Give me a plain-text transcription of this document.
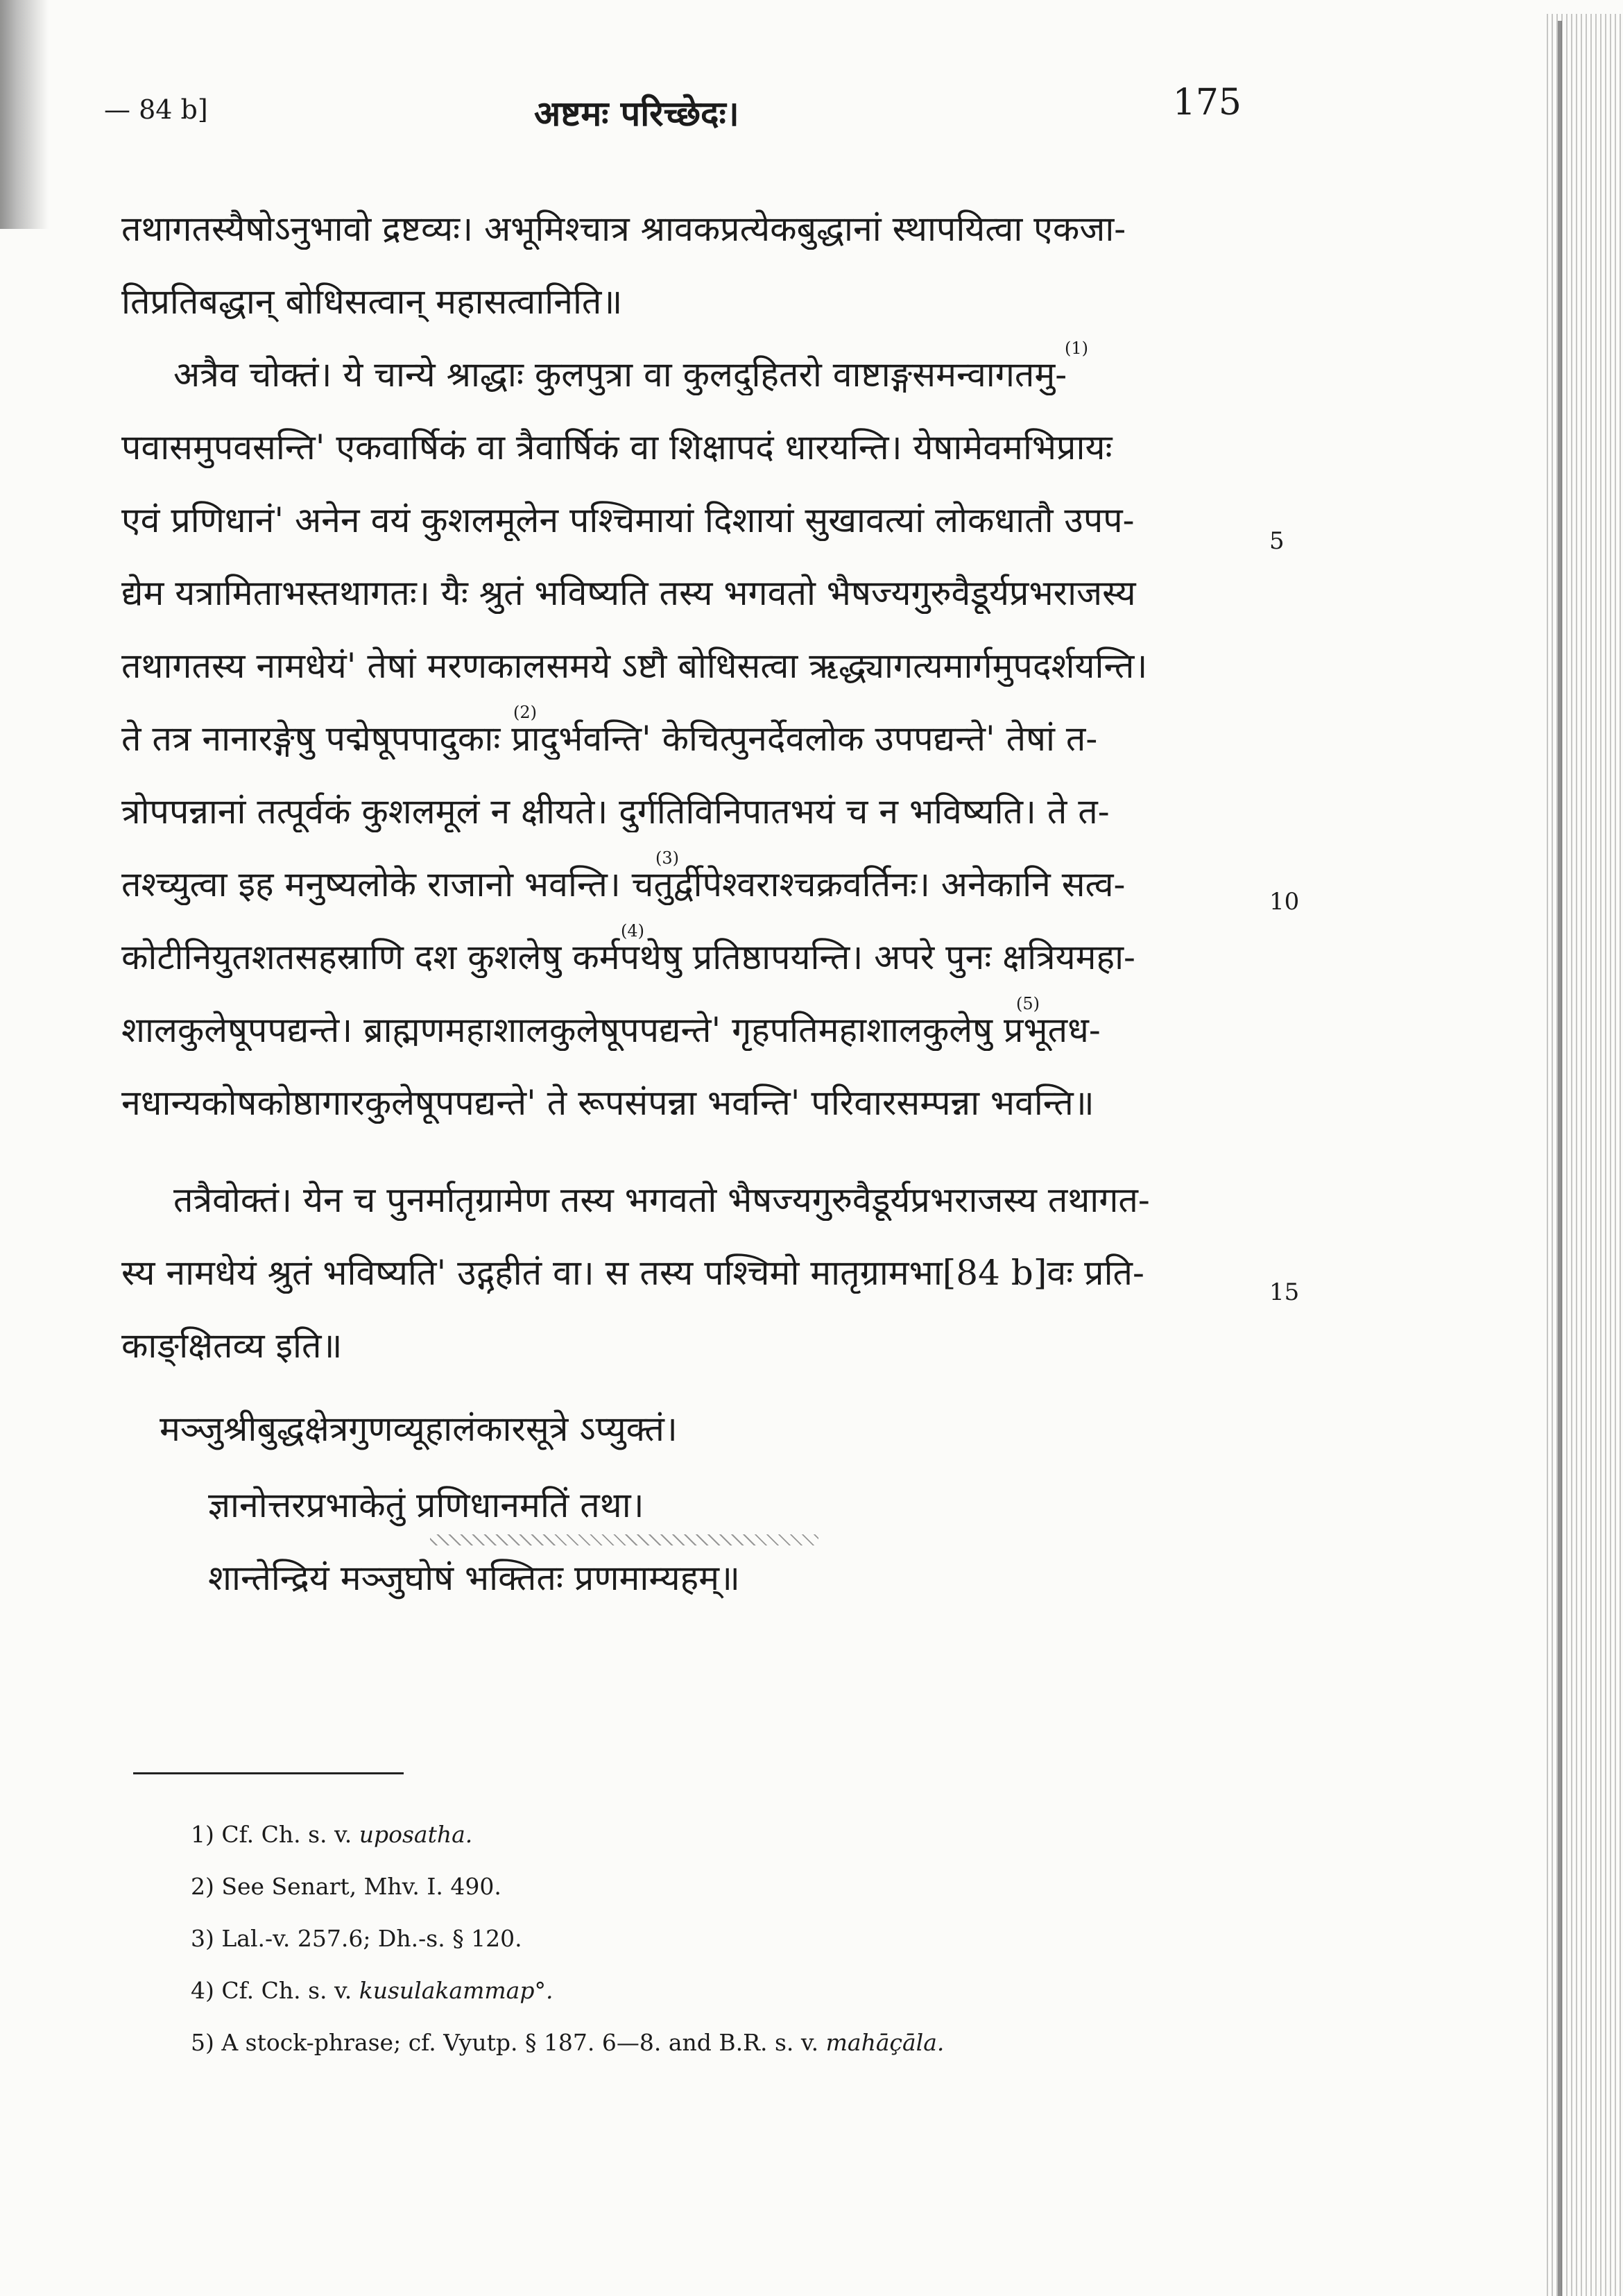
— 84 b]	अष्टमः परिच्छेदः।	175
तथागतस्यैषोऽनुभावो द्रष्टव्यः। अभूमिश्चात्र श्रावकप्रत्येकबुद्धानां स्थापयित्वा एकजा-
तिप्रतिबद्धान् बोधिसत्वान् महासत्वानिति॥
अत्रैव चोक्तं। ये चान्ये श्राद्धाः कुलपुत्रा वा कुलदुहितरो वाष्टाङ्गसमन्वागतमु-
(1)
पवासमुपवसन्ति' एकवार्षिकं वा त्रैवार्षिकं वा शिक्षापदं धारयन्ति। येषामेवमभिप्रायः
एवं प्रणिधानं' अनेन वयं कुशलमूलेन पश्चिमायां दिशायां सुखावत्यां लोकधातौ उपप-
5
द्येम यत्रामिताभस्तथागतः। यैः श्रुतं भविष्यति तस्य भगवतो भैषज्यगुरुवैडूर्यप्रभराजस्य
तथागतस्य नामधेयं' तेषां मरणकालसमये ऽष्टौ बोधिसत्वा ऋद्ध्यागत्यमार्गमुपदर्शयन्ति।
ते तत्र नानारङ्गेषु पद्मेषूपपादुकाः प्रादुर्भवन्ति' केचित्पुनर्देवलोक उपपद्यन्ते' तेषां त-
(2)
त्रोपपन्नानां तत्पूर्वकं कुशलमूलं न क्षीयते। दुर्गतिविनिपातभयं च न भविष्यति। ते त-
तश्च्युत्वा इह मनुष्यलोके राजानो भवन्ति। चतुर्द्वीपेश्वराश्चक्रवर्तिनः। अनेकानि सत्व-
(3)
10
कोटीनियुतशतसहस्राणि दश कुशलेषु कर्मपथेषु प्रतिष्ठापयन्ति। अपरे पुनः क्षत्रियमहा-
(4)
शालकुलेषूपपद्यन्ते। ब्राह्मणमहाशालकुलेषूपपद्यन्ते' गृहपतिमहाशालकुलेषु प्रभूतध-
(5)
नधान्यकोषकोष्ठागारकुलेषूपपद्यन्ते' ते रूपसंपन्ना भवन्ति' परिवारसम्पन्ना भवन्ति॥
तत्रैवोक्तं। येन च पुनर्मातृग्रामेण तस्य भगवतो भैषज्यगुरुवैडूर्यप्रभराजस्य तथागत-
स्य नामधेयं श्रुतं भविष्यति' उद्गृहीतं वा। स तस्य पश्चिमो मातृग्रामभा[84 b]वः प्रति-	15
काङ्क्षितव्य इति॥
मञ्जुश्रीबुद्धक्षेत्रगुणव्यूहालंकारसूत्रे ऽप्युक्तं।
ज्ञानोत्तरप्रभाकेतुं प्रणिधानमतिं तथा।
शान्तेन्द्रियं मञ्जुघोषं भक्तितः प्रणमाम्यहम्॥
1) Cf. Ch. s. v. uposatha.
2) See Senart, Mhv. I. 490.
3) Lal.-v. 257.6; Dh.-s. § 120.
4) Cf. Ch. s. v. kusulakammap°.
5) A stock-phrase; cf. Vyutp. § 187. 6—8. and B.R. s. v. mahāçāla.
